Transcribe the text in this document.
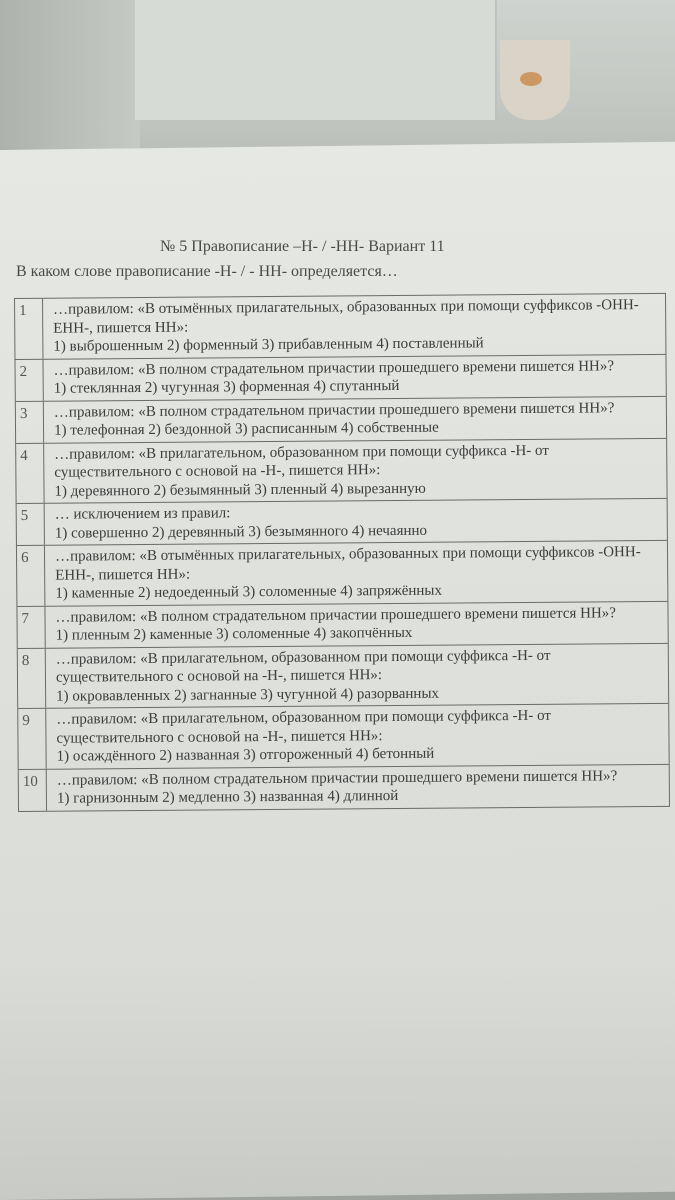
№ 5 Правописание –Н- / -НН- Вариант 11
В каком слове правописание -Н- / - НН- определяется…
1	…правилом: «В отымённых прилагательных, образованных при помощи суффиксов -ОНН- ЕНН-, пишется НН»:
1) выброшенным 2) форменный 3) прибавленным 4) поставленный
2	…правилом: «В полном страдательном причастии прошедшего времени пишется НН»?
1) стеклянная 2) чугунная 3) форменная 4) спутанный
3	…правилом: «В полном страдательном причастии прошедшего времени пишется НН»?
1) телефонная 2) бездонной 3) расписанным 4) собственные
4	…правилом: «В прилагательном, образованном при помощи суффикса -Н- от существительного с основой на -Н-, пишется НН»:
1) деревянного 2) безымянный 3) пленный 4) вырезанную
5	… исключением из правил:
1) совершенно 2) деревянный 3) безымянного 4) нечаянно
6	…правилом: «В отымённых прилагательных, образованных при помощи суффиксов -ОНН- ЕНН-, пишется НН»:
1) каменные 2) недоеденный 3) соломенные 4) запряжённых
7	…правилом: «В полном страдательном причастии прошедшего времени пишется НН»?
1) пленным 2) каменные 3) соломенные 4) закопчённых
8	…правилом: «В прилагательном, образованном при помощи суффикса -Н- от существительного с основой на -Н-, пишется НН»:
1) окровавленных 2) загнанные 3) чугунной 4) разорванных
9	…правилом: «В прилагательном, образованном при помощи суффикса -Н- от существительного с основой на -Н-, пишется НН»:
1) осаждённого 2) названная 3) отгороженный 4) бетонный
10	…правилом: «В полном страдательном причастии прошедшего времени пишется НН»?
1) гарнизонным 2) медленно 3) названная 4) длинной
